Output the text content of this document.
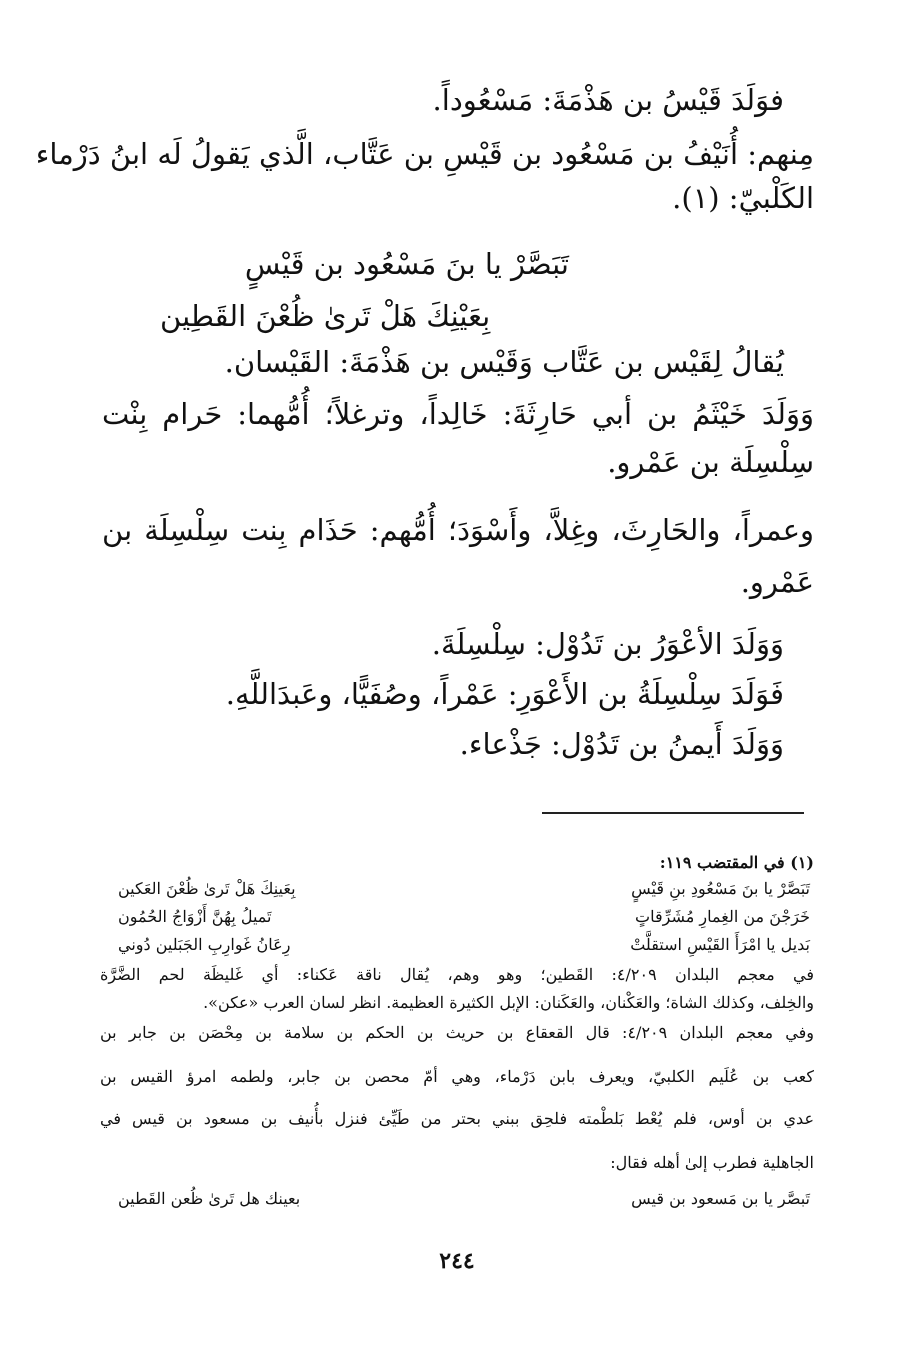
فوَلَدَ قَيْسُ بن هَذْمَةَ: مَسْعُوداً.
مِنهم: أُنَيْفُ بن مَسْعُود بن قَيْسِ بن عَتَّاب، الَّذي يَقولُ لَه ابنُ دَرْماء
الكَلْبيّ: (١).
تَبَصَّرْ يا بنَ مَسْعُود بن قَيْسٍ
بِعَيْنِكَ هَلْ تَرىٰ ظُعْنَ القَطِين
يُقالُ لِقَيْس بن عَتَّاب وَقَيْس بن هَذْمَةَ: القَيْسان.
وَوَلَدَ خَيْثَمُ بن أبي حَارِثَةَ: خَالِداً، وترغلاً؛ أُمُّهما: حَرام بِنْت
سِلْسِلَة بن عَمْرو.
وعمراً، والحَارِثَ، وغِلاَّ، وأَسْوَدَ؛ أُمُّهم: حَذَام بِنت سِلْسِلَة بن
عَمْرو.
وَوَلَدَ الأعْوَرُ بن تَدُوْل: سِلْسِلَةَ.
فَوَلَدَ سِلْسِلَةُ بن الأَعْوَرِ: عَمْراً، وصُفَيًّا، وعَبدَاللَّهِ.
وَوَلَدَ أَيمنُ بن تَدُوْل: جَذْعاء.
(١) في المقتضب ١١٩:
تَبَصَّرْ يا بنَ مَسْعُودِ بنِ قَيْسٍ
بِعَينِكَ هَلْ تَرىٰ ظُعْنَ العَكين
خَرَجْنَ من الغِمارِ مُشَرِّقاتٍ
تَميلُ بِهُنَّ أَزْوَاجُ الحُمُون
بَديل يا امْرَأَ القَيْسِ استقلَّتْ
رِعَانُ غَوارِبِ الجَبَلين دُوني
في معجم البلدان ٤/٢٠٩: القَطين؛ وهو وهم، يُقال ناقة عَكناء: أي غَليظَة لحم الضَّرَّة
والخِلف، وكذلك الشاة؛ والعَكْنان، والعَكَنان: الإبل الكثيرة العظيمة. انظر لسان العرب «عكن».
وفي معجم البلدان ٤/٢٠٩: قال القعقاع بن حريث بن الحكم بن سلامة بن مِحْصَن بن جابر بن
كعب بن عُلَيم الكلبيّ، ويعرف بابن دَرْماء، وهي أمّ محصن بن جابر، ولطمه امرؤ القيس بن
عدي بن أوس، فلم يُعْط بَلطْمته فلحِق ببني بحتر من طَيِّئ فنزل بأُنيف بن مسعود بن قيس في
الجاهلية فطرب إلىٰ أهله فقال:
تَبصَّر يا بن مَسعود بن قيس
بعينك هل تَرىٰ ظُعن القَطين
٢٤٤
